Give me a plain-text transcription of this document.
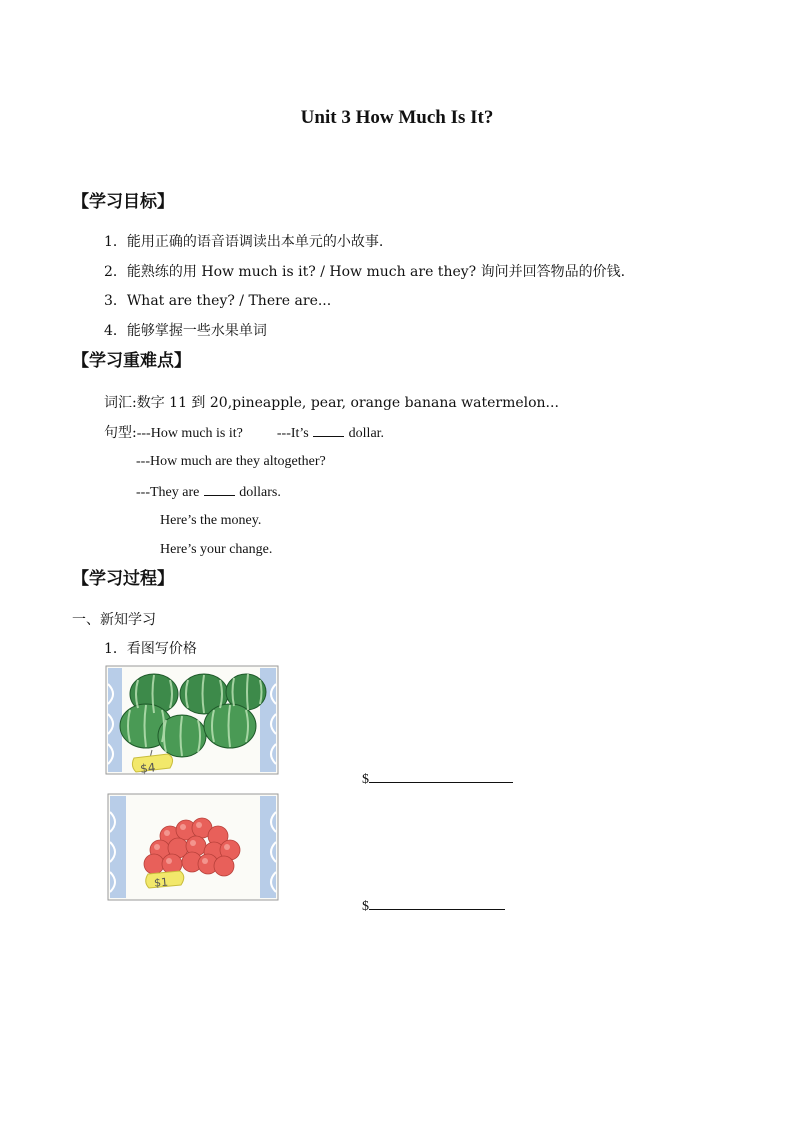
Unit 3 How Much Is It?
【学习目标】
1．能用正确的语音语调读出本单元的小故事.
2．能熟练的用 How much is it? / How much are they? 询问并回答物品的价钱.
3．What are they? / There are...
4．能够掌握一些水果单词
【学习重难点】
词汇:数字 11 到 20,pineapple, pear, orange banana watermelon...
句型:---How much is it? ---It’s	dollar.
---How much are they altogether?
---They are	dollars.
Here’s the money.
Here’s your change.
【学习过程】
一、新知学习
1．看图写价格
$4
$
$1
$
